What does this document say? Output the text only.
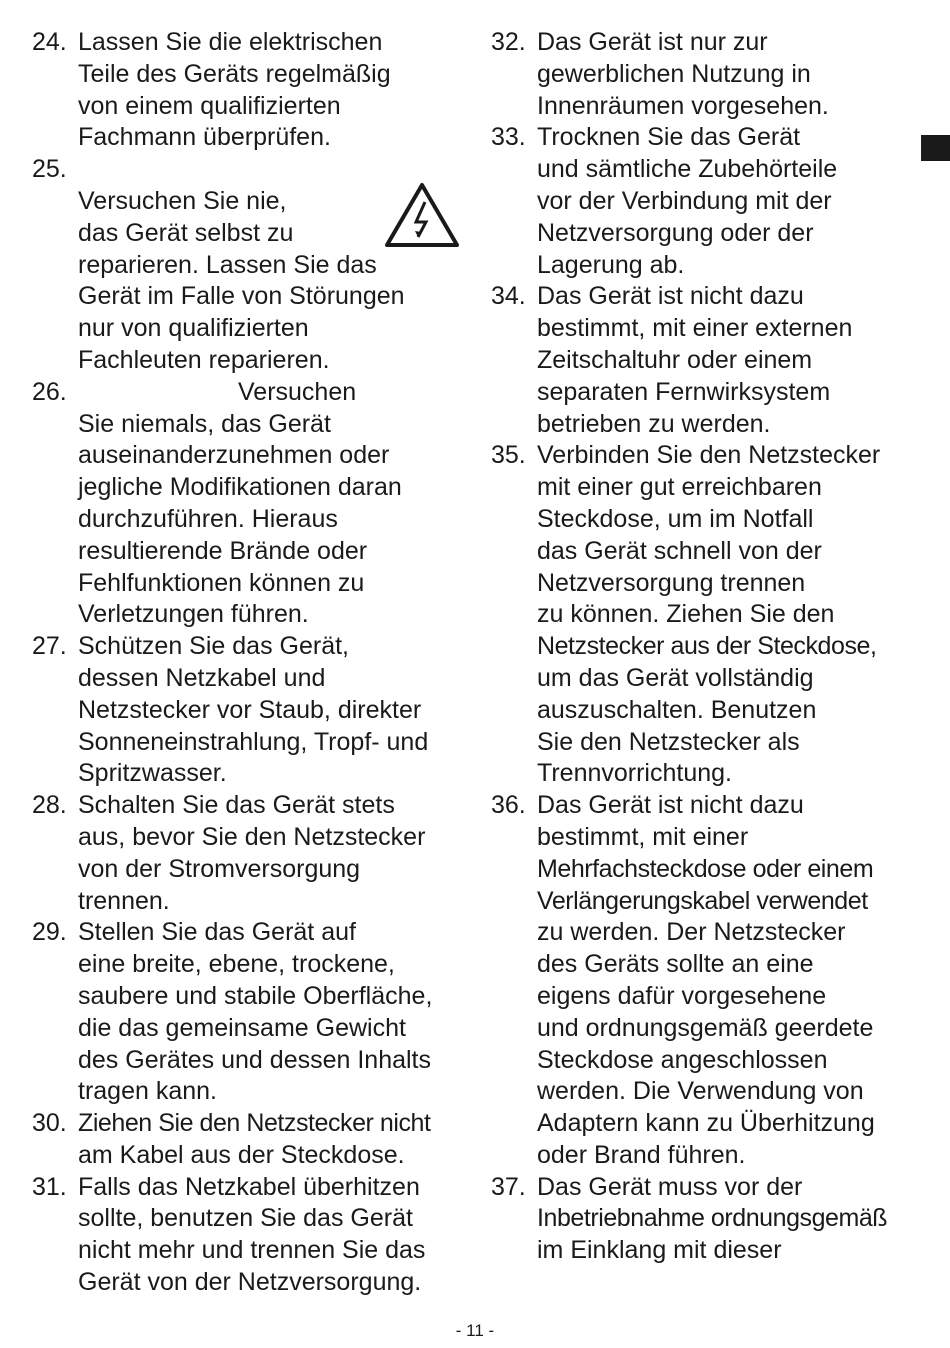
24. Lassen Sie die elektrischen
Teile des Geräts regelmäßig
von einem qualifizierten
Fachmann überprüfen.
25.
Versuchen Sie nie,
das Gerät selbst zu
reparieren. Lassen Sie das
Gerät im Falle von Störungen
nur von qualifizierten
Fachleuten reparieren.
26.	Versuchen
Sie niemals, das Gerät
auseinanderzunehmen oder
jegliche Modifikationen daran
durchzuführen. Hieraus
resultierende Brände oder
Fehlfunktionen können zu
Verletzungen führen.
27. Schützen Sie das Gerät,
dessen Netzkabel und
Netzstecker vor Staub, direkter
Sonneneinstrahlung, Tropf- und
Spritzwasser.
28. Schalten Sie das Gerät stets
aus, bevor Sie den Netzstecker
von der Stromversorgung
trennen.
29. Stellen Sie das Gerät auf
eine breite, ebene, trockene,
saubere und stabile Oberfläche,
die das gemeinsame Gewicht
des Gerätes und dessen Inhalts
tragen kann.
30. Ziehen Sie den Netzstecker nicht
am Kabel aus der Steckdose.
31. Falls das Netzkabel überhitzen
sollte, benutzen Sie das Gerät
nicht mehr und trennen Sie das
Gerät von der Netzversorgung.
32. Das Gerät ist nur zur
gewerblichen Nutzung in
Innenräumen vorgesehen.
33. Trocknen Sie das Gerät
und sämtliche Zubehörteile
vor der Verbindung mit der
Netzversorgung oder der
Lagerung ab.
34. Das Gerät ist nicht dazu
bestimmt, mit einer externen
Zeitschaltuhr oder einem
separaten Fernwirksystem
betrieben zu werden.
35. Verbinden Sie den Netzstecker
mit einer gut erreichbaren
Steckdose, um im Notfall
das Gerät schnell von der
Netzversorgung trennen
zu können. Ziehen Sie den
Netzstecker aus der Steckdose,
um das Gerät vollständig
auszuschalten. Benutzen
Sie den Netzstecker als
Trennvorrichtung.
36. Das Gerät ist nicht dazu
bestimmt, mit einer
Mehrfachsteckdose oder einem
Verlängerungskabel verwendet
zu werden. Der Netzstecker
des Geräts sollte an eine
eigens dafür vorgesehene
und ordnungsgemäß geerdete
Steckdose angeschlossen
werden. Die Verwendung von
Adaptern kann zu Überhitzung
oder Brand führen.
37. Das Gerät muss vor der
Inbetriebnahme ordnungsgemäß
im Einklang mit dieser
- 11 -
